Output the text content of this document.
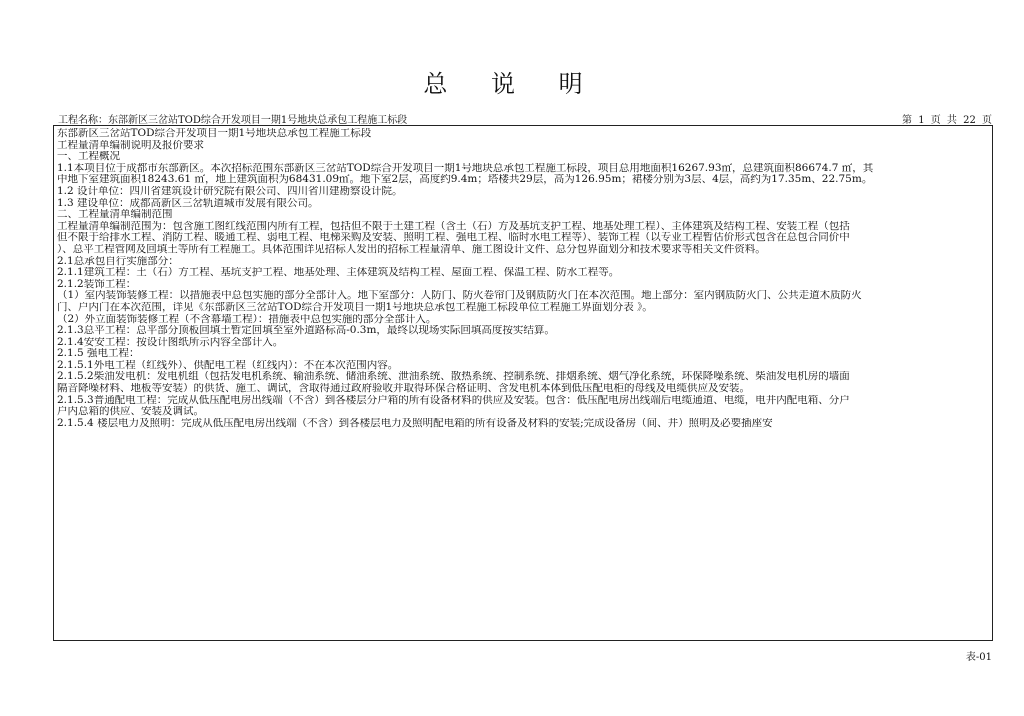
总 说 明
工程名称：东部新区三岔站TOD综合开发项目一期1号地块总承包工程施工标段	第 1 页 共 22 页
东部新区三岔站TOD综合开发项目一期1号地块总承包工程施工标段
工程量清单编制说明及报价要求
一、工程概况
1.1本项目位于成都市东部新区。本次招标范围东部新区三岔站TOD综合开发项目一期1号地块总承包工程施工标段，项目总用地面积16267.93㎡，总建筑面积86674.7 ㎡，其
中地下室建筑面积18243.61 ㎡，地上建筑面积为68431.09㎡。地下室2层，高度约9.4m；塔楼共29层，高为126.95m；裙楼分别为3层、4层，高约为17.35m、22.75m。
1.2 设计单位：四川省建筑设计研究院有限公司、四川省川建勘察设计院。
1.3 建设单位：成都高新区三岔轨道城市发展有限公司。
二、工程量清单编制范围
工程量清单编制范围为：包含施工图红线范围内所有工程，包括但不限于土建工程（含土（石）方及基坑支护工程、地基处理工程）、主体建筑及结构工程、安装工程（包括
但不限于给排水工程、消防工程、暖通工程、弱电工程、电梯采购及安装、照明工程、强电工程、临时水电工程等）、装饰工程（以专业工程暂估价形式包含在总包合同价中
）、总平工程管网及回填土等所有工程施工。具体范围详见招标人发出的招标工程量清单、施工图设计文件、总分包界面划分和技术要求等相关文件资料。
2.1总承包自行实施部分：
2.1.1建筑工程：土（石）方工程、基坑支护工程、地基处理、主体建筑及结构工程、屋面工程、保温工程、防水工程等。
2.1.2装饰工程：
（1）室内装饰装修工程：以措施表中总包实施的部分全部计入。地下室部分：人防门、防火卷帘门及钢质防火门在本次范围。地上部分：室内钢质防火门、公共走道木质防火
门、户内门在本次范围，详见《东部新区三岔站TOD综合开发项目一期1号地块总承包工程施工标段单位工程施工界面划分表 》。
（2）外立面装饰装修工程（不含幕墙工程）：措施表中总包实施的部分全部计入。
2.1.3总平工程：总平部分顶板回填土暂定回填至室外道路标高-0.3m，最终以现场实际回填高度按实结算。
2.1.4安安工程：按设计图纸所示内容全部计入。
2.1.5 强电工程：
2.1.5.1外电工程（红线外）、供配电工程（红线内）：不在本次范围内容。
2.1.5.2柴油发电机：发电机组（包括发电机系统、输油系统、储油系统、泄油系统、散热系统、控制系统、排烟系统、烟气净化系统，环保降噪系统、柴油发电机房的墙面
隔音降噪材料、地板等安装）的供货、施工、调试，含取得通过政府验收并取得环保合格证明、含发电机本体到低压配电柜的母线及电缆供应及安装。
2.1.5.3普通配电工程：完成从低压配电房出线端（不含）到各楼层分户箱的所有设备材料的供应及安装。包含：低压配电房出线端后电缆通道、电缆，电井内配电箱、分户
户内总箱的供应、安装及调试。
2.1.5.4 楼层电力及照明：完成从低压配电房出线端（不含）到各楼层电力及照明配电箱的所有设备及材料的安装;完成设备房（间、井）照明及必要插座安
表-01
